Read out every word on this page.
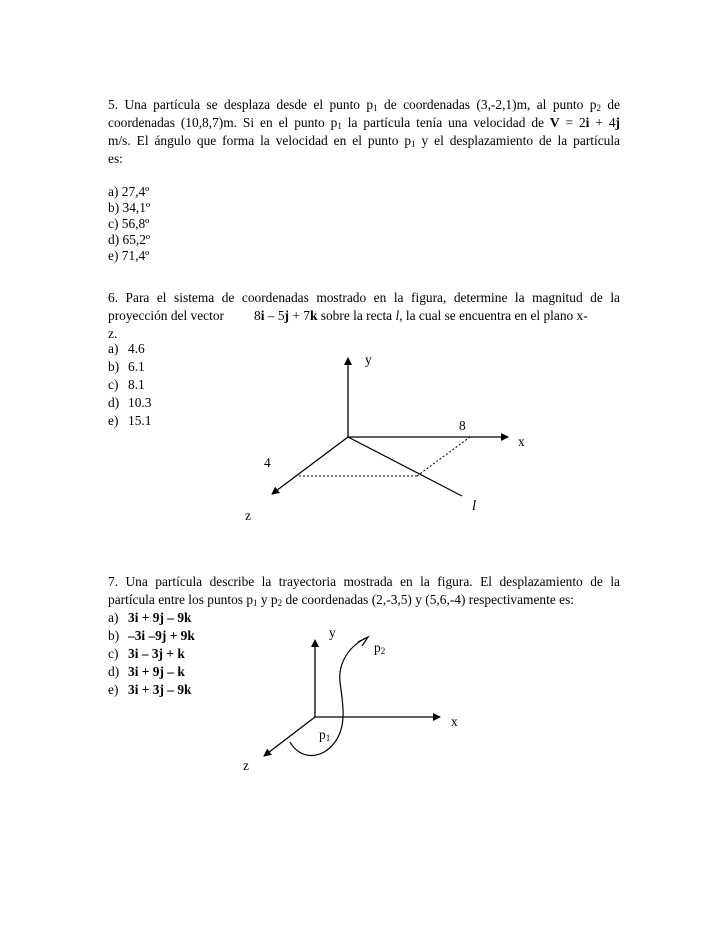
5. Una partícula se desplaza desde el punto $p_1$ de coordenadas (3,-2,1)m, al punto $p_2$ de
coordenadas (10,8,7)m. Si en el punto $p_1$ la partícula tenía una velocidad de V = 2i + 4j
m/s. El ángulo que forma la velocidad en el punto $p_1$ y el desplazamiento de la partícula
es:
a) 27,4º
b) 34,1º
c) 56,8º
d) 65,2º
e) 71,4º
6. Para el sistema de coordenadas mostrado en la figura, determine la magnitud de la
proyección del vector 8i – 5j + 7k sobre la recta l, la cual se encuentra en el plano x-
z.
a) 4.6
b) 6.1
c) 8.1
d) 10.3
e) 15.1
y
x
z
8
4
l
7. Una partícula describe la trayectoria mostrada en la figura. El desplazamiento de la
partícula entre los puntos $p_1$ y $p_2$ de coordenadas (2,-3,5) y (5,6,-4) respectivamente es:
a) 3i + 9j – 9k
b) –3i –9j + 9k
c) 3i – 3j + k
d) 3i + 9j – k
e) 3i + 3j – 9k
y
x
z
$p_2$
$p_1$
